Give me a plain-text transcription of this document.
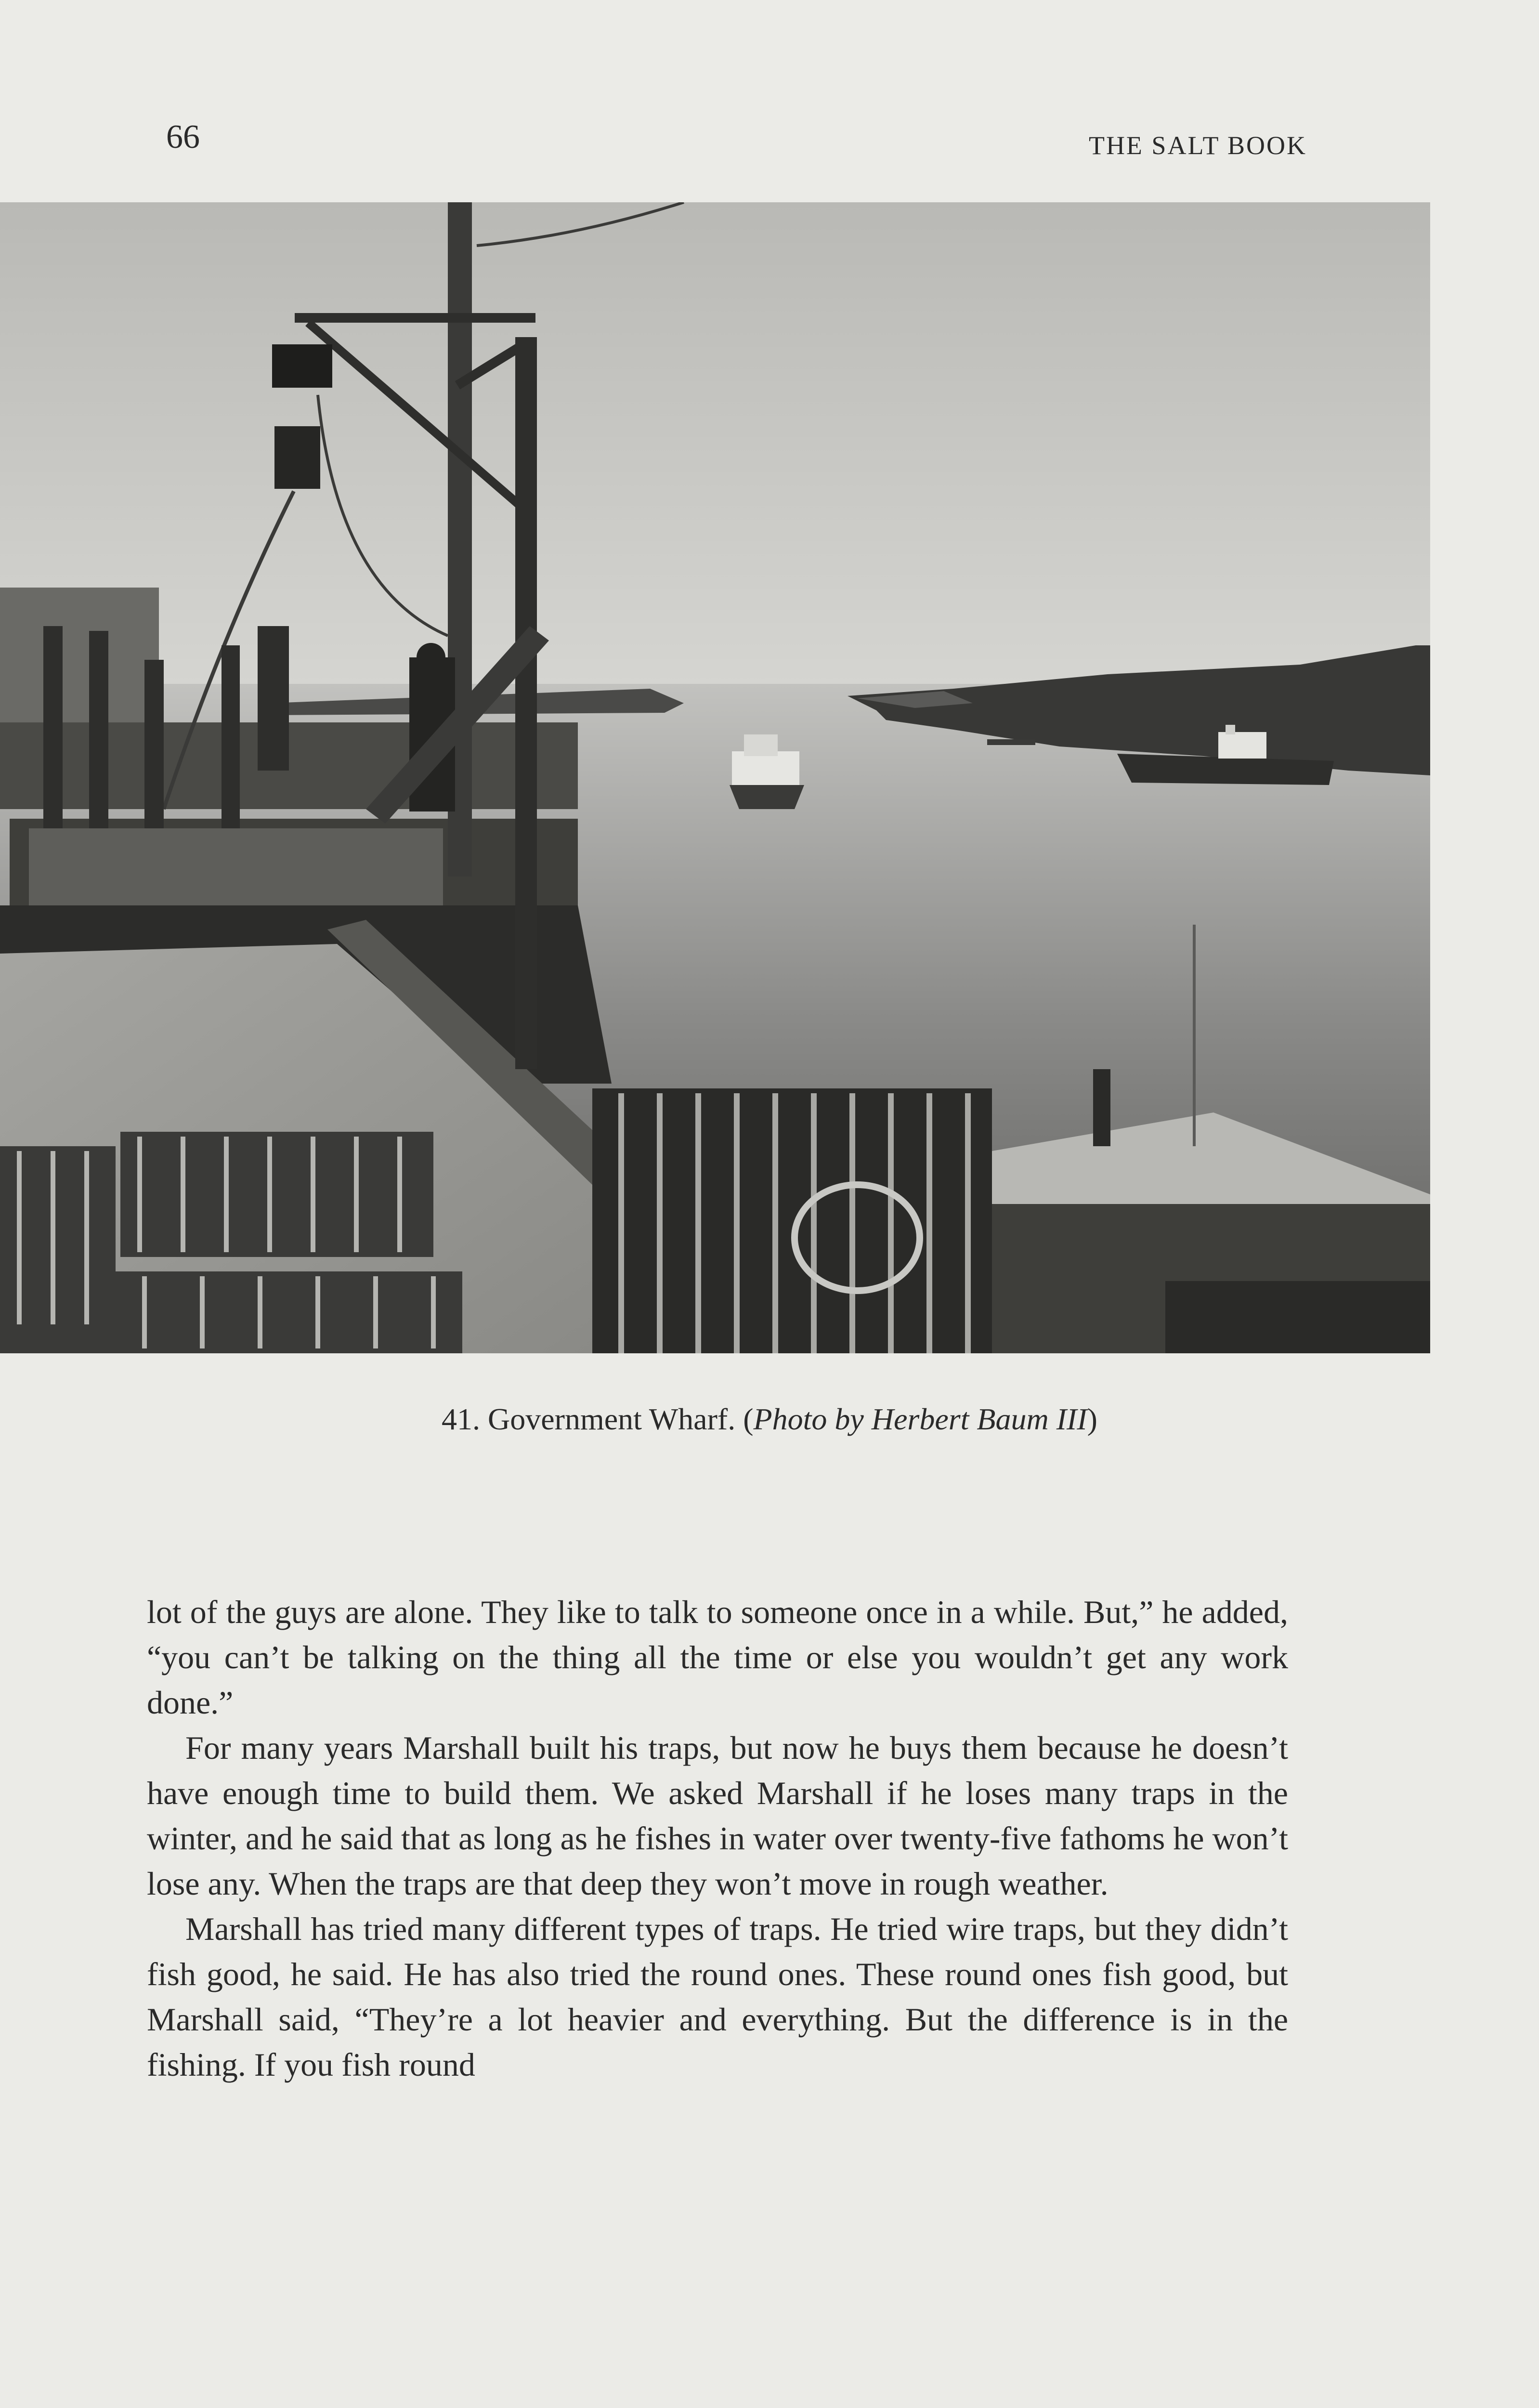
66	THE SALT BOOK
41. Government Wharf. (Photo by Herbert Baum III)

lot of the guys are alone. They like to talk to someone once in a while. But,” he added, “you can’t be talking on the thing all the time or else you wouldn’t get any work done.”

For many years Marshall built his traps, but now he buys them because he doesn’t have enough time to build them. We asked Marshall if he loses many traps in the winter, and he said that as long as he fishes in water over twenty-five fathoms he won’t lose any. When the traps are that deep they won’t move in rough weather.

Marshall has tried many different types of traps. He tried wire traps, but they didn’t fish good, he said. He has also tried the round ones. These round ones fish good, but Marshall said, “They’re a lot heavier and everything. But the difference is in the fishing. If you fish round
